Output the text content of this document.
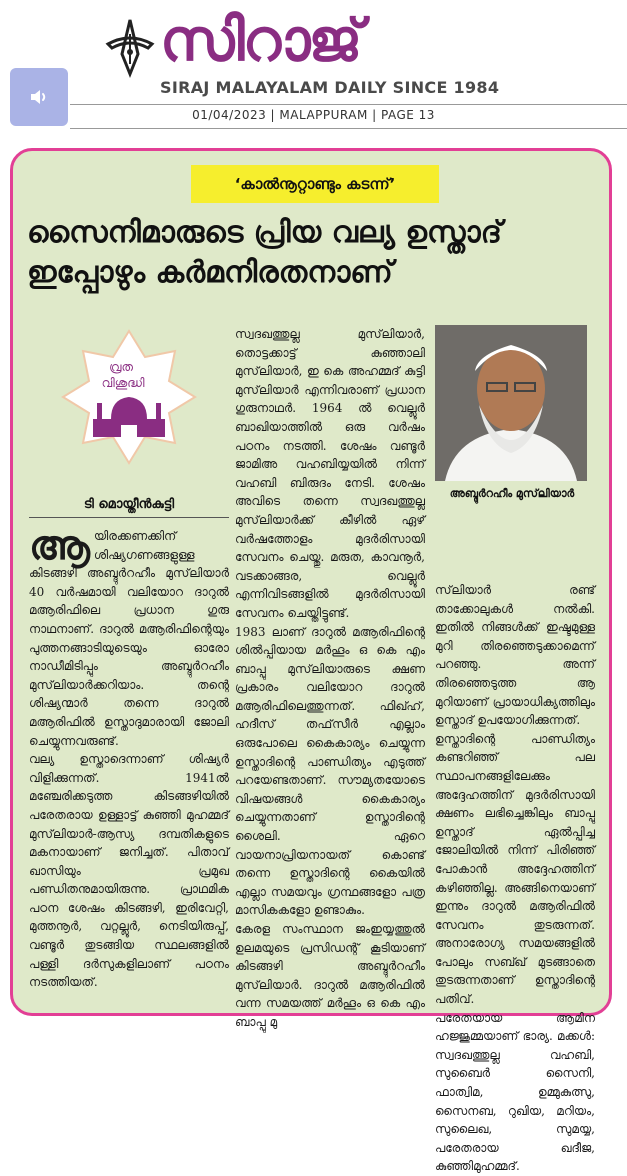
സിറാജ്
SIRAJ MALAYALAM DAILY SINCE 1984
01/04/2023 | MALAPPURAM | PAGE 13
‘കാൽനൂറ്റാണ്ടും കടന്ന്’
സൈനിമാരുടെ പ്രിയ വല്യ ഉസ്താദ് ഇപ്പോഴും കർമനിരതനാണ്
വ്രത
വിശുദ്ധി
ടി മൊയ്തീൻകുട്ടി

ആയിരക്കണക്കിന് ശിഷ്യഗണങ്ങളുള്ള കിടങ്ങഴി അബ്ദുർറഹീം മുസ്‌ലിയാർ 40 വർഷമായി വലിയോറ ദാറുൽ മആരിഫിലെ പ്രധാന ഗുരു നാഥനാണ്. ദാറുൽ മആരിഫിന്റെയും പുത്തനങ്ങാടിയുടെയും ഓരോ നാഡീമിടിപ്പും അബ്ദുർറഹീം മുസ്‌ലിയാർക്കറിയാം. തന്റെ ശിഷ്യന്മാർ തന്നെ ദാറുൽ മആരിഫിൽ ഉസ്താദുമാരായി ജോലി ചെയ്യുന്നവരുണ്ട്.

വല്യ ഉസ്താദെന്നാണ് ശിഷ്യർ വിളിക്കുന്നത്. 1941ൽ മഞ്ചേരിക്കടുത്ത കിടങ്ങഴിയിൽ പരേതരായ ഉള്ളാട്ട് കുഞ്ഞി മുഹമ്മദ് മുസ്‌ലിയാർ-ആസ്യ ദമ്പതികളുടെ മകനായാണ് ജനിച്ചത്. പിതാവ് ഖാസിയും പ്രമുഖ പണ്ഡിതനുമായിരുന്നു. പ്രാഥമിക പഠന ശേഷം കിടങ്ങഴി, ഇരിവേറ്റി, മുത്തനൂർ, വറ്റല്ലൂർ, നെടിയിരുപ്പ്, വണ്ടൂർ തുടങ്ങിയ സ്ഥലങ്ങളിൽ പള്ളി ദർസുകളിലാണ് പഠനം നടത്തിയത്.

സ്വദഖത്തുല്ല മുസ്‌ലിയാർ, തൊട്ടക്കാട്ട് കുഞ്ഞാലി മുസ്‌ലിയാർ, ഇ കെ അഹമ്മദ് കുട്ടി മുസ്‌ലിയാർ എന്നിവരാണ് പ്രധാന ഗുരുനാഥർ. 1964 ൽ വെല്ലൂർ ബാഖിയാത്തിൽ ഒരു വർഷം പഠനം നടത്തി. ശേഷം വണ്ടൂർ ജാമിഅ വഹബിയ്യയിൽ നിന്ന് വഹബി ബിരുദം നേടി. ശേഷം അവിടെ തന്നെ സ്വദഖത്തുല്ല മുസ്‌ലിയാർക്ക് കീഴിൽ ഏഴ് വർഷത്തോളം മുദർരിസായി സേവനം ചെയ്തു. മരുത, കാവനൂർ, വടക്കാങ്ങര, വെല്ലൂർ എന്നിവിടങ്ങളിൽ മുദർരിസായി സേവനം ചെയ്തിട്ടുണ്ട്.

1983 ലാണ് ദാറുൽ മആരിഫിന്റെ ശിൽപ്പിയായ മർഹൂം ഒ കെ എം ബാപ്പു മുസ്‌ലിയാരുടെ ക്ഷണ പ്രകാരം വലിയോറ ദാറുൽ മആരിഫിലെത്തുന്നത്. ഫിഖ്ഹ്, ഹദീസ് തഫ്‌സീർ എല്ലാം ഒരുപോലെ കൈകാര്യം ചെയ്യുന്ന ഉസ്താദിന്റെ പാണ്ഡിത്യം എടുത്ത് പറയേണ്ടതാണ്. സൗമ്യതയോടെ വിഷയങ്ങൾ കൈകാര്യം ചെയ്യുന്നതാണ് ഉസ്താദിന്റെ ശൈലി. ഏറെ വായനാപ്രിയനായത് കൊണ്ട് തന്നെ ഉസ്താദിന്റെ കൈയിൽ എല്ലാ സമയവും ഗ്രന്ഥങ്ങളോ പത്ര മാസികകളോ ഉണ്ടാകും.

കേരള സംസ്ഥാന ജംഇയ്യത്തുൽ ഉലമയുടെ പ്രസിഡന്റ് കൂടിയാണ് കിടങ്ങഴി അബ്ദുർറഹീം മുസ്‌ലിയാർ. ദാറുൽ മആരിഫിൽ വന്ന സമയത്ത് മർഹൂം ഒ കെ എം ബാപ്പു മു

അബ്ദുർറഹീം മുസ്‌ലിയാർ

സ്‌ലിയാർ രണ്ട് താക്കോലുകൾ നൽകി. ഇതിൽ നിങ്ങൾക്ക് ഇഷ്ടമുള്ള മുറി തിരഞ്ഞെടുക്കാമെന്ന് പറഞ്ഞു. അന്ന് തിരഞ്ഞെടുത്ത ആ മുറിയാണ് പ്രായാധിക്യത്തിലും ഉസ്താദ് ഉപയോഗിക്കുന്നത്.

ഉസ്താദിന്റെ പാണ്ഡിത്യം കണ്ടറിഞ്ഞ് പല സ്ഥാപനങ്ങളിലേക്കും അദ്ദേഹത്തിന് മുദർരിസായി ക്ഷണം ലഭിച്ചെങ്കിലും ബാപ്പു ഉസ്താദ് ഏൽപ്പിച്ച ജോലിയിൽ നിന്ന് പിരിഞ്ഞ് പോകാൻ അദ്ദേഹത്തിന് കഴിഞ്ഞില്ല. അങ്ങിനെയാണ് ഇന്നും ദാറുൽ മആരിഫിൽ സേവനം തുടരുന്നത്. അനാരോഗ്യ സമയങ്ങളിൽ പോലും സബ്ഖ് മുടങ്ങാതെ തുടരുന്നതാണ് ഉസ്താദിന്റെ പതിവ്.

പരേതയായ ആമിന ഹജ്ജുമ്മയാണ് ഭാര്യ. മക്കൾ: സ്വദഖത്തുല്ല വഹബി, സുബൈർ സൈനി, ഫാത്വിമ, ഉമ്മുകുത്സു, സൈനബ, റുഖിയ, മറിയം, സുലൈഖ, സുമയ്യ, പരേതരായ ഖദീജ, കുഞ്ഞിമുഹമ്മദ്.
